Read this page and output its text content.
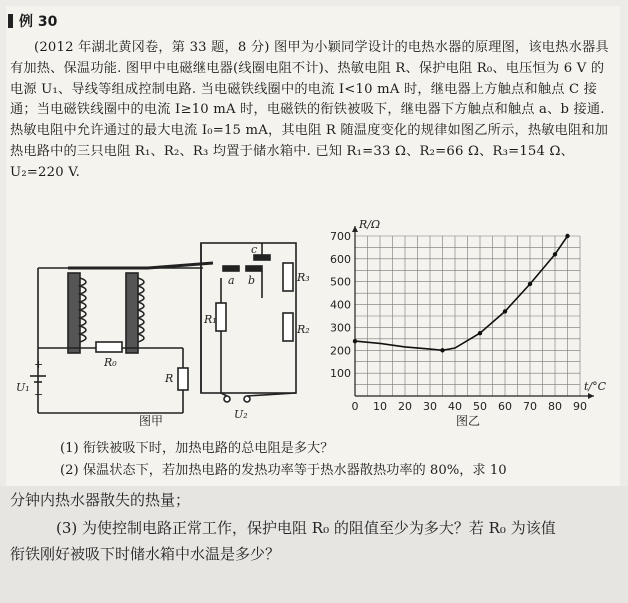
例 30
(2012 年湖北黄冈卷，第 33 题，8 分) 图甲为小颖同学设计的电热水器的原理图，该电热水器具有加热、保温功能. 图甲中电磁继电器(线圈电阻不计)、热敏电阻 R、保护电阻 R₀、电压恒为 6 V 的电源 U₁、导线等组成控制电路. 当电磁铁线圈中的电流 I<10 mA 时，继电器上方触点和触点 C 接通；当电磁铁线圈中的电流 I≥10 mA 时，电磁铁的衔铁被吸下，继电器下方触点和触点 a、b 接通. 热敏电阻中允许通过的最大电流 I₀=15 mA，其电阻 R 随温度变化的规律如图乙所示，热敏电阻和加热电路中的三只电阻 R₁、R₂、R₃ 均置于储水箱中. 已知 R₁=33 Ω、R₂=66 Ω、R₃=154 Ω、U₂=220 V.
R₀
R
U₁
+
−
R₁
R₂
R₃
U₂
a b
c
图甲
0 10 20 30 40 50 60 70 80 90
100
200
300
400
500
600
700
R/Ω
t/°C
图乙
(1) 衔铁被吸下时，加热电路的总电阻是多大？
(2) 保温状态下，若加热电路的发热功率等于热水器散热功率的 80%，求 10
分钟内热水器散失的热量；
(3) 为使控制电路正常工作，保护电阻 R₀ 的阻值至少为多大？若 R₀ 为该值
衔铁刚好被吸下时储水箱中水温是多少？
